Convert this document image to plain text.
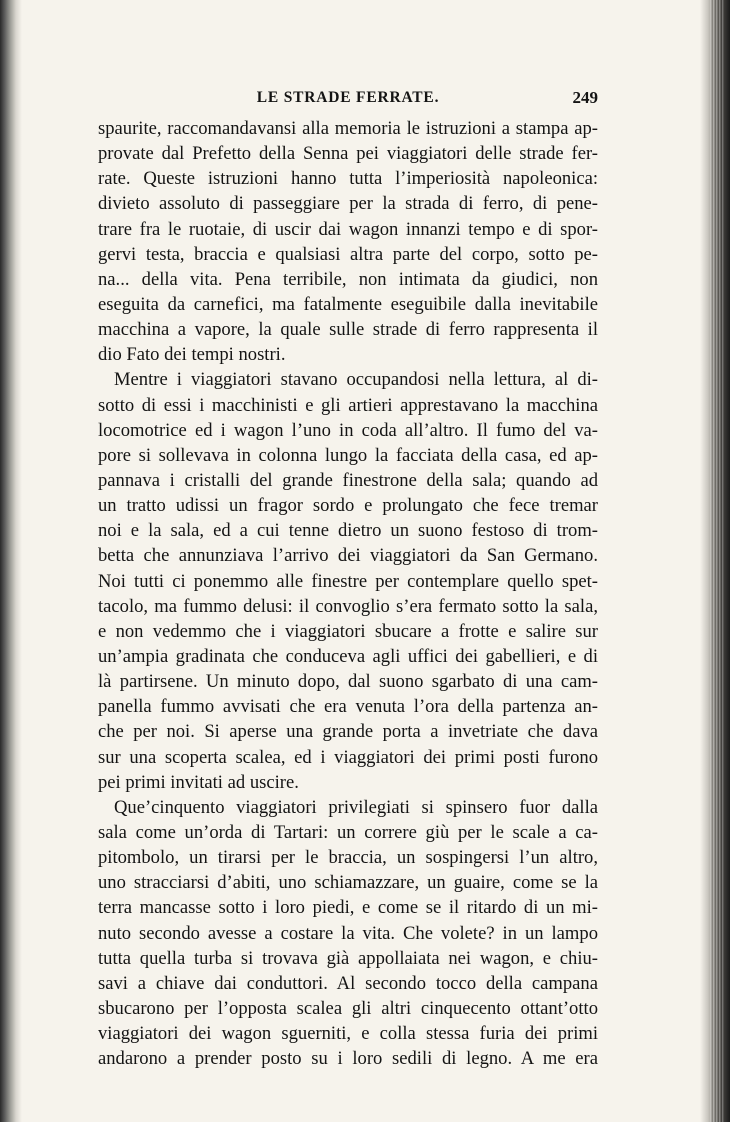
LE STRADE FERRATE.	249
spaurite, raccomandavansi alla memoria le istruzioni a stampa ap-
provate dal Prefetto della Senna pei viaggiatori delle strade fer-
rate. Queste istruzioni hanno tutta l’imperiosità napoleonica:
divieto assoluto di passeggiare per la strada di ferro, di pene-
trare fra le ruotaie, di uscir dai wagon innanzi tempo e di spor-
gervi testa, braccia e qualsiasi altra parte del corpo, sotto pe-
na... della vita. Pena terribile, non intimata da giudici, non
eseguita da carnefici, ma fatalmente eseguibile dalla inevitabile
macchina a vapore, la quale sulle strade di ferro rappresenta il
dio Fato dei tempi nostri.
Mentre i viaggiatori stavano occupandosi nella lettura, al di-
sotto di essi i macchinisti e gli artieri apprestavano la macchina
locomotrice ed i wagon l’uno in coda all’altro. Il fumo del va-
pore si sollevava in colonna lungo la facciata della casa, ed ap-
pannava i cristalli del grande finestrone della sala; quando ad
un tratto udissi un fragor sordo e prolungato che fece tremar
noi e la sala, ed a cui tenne dietro un suono festoso di trom-
betta che annunziava l’arrivo dei viaggiatori da San Germano.
Noi tutti ci ponemmo alle finestre per contemplare quello spet-
tacolo, ma fummo delusi: il convoglio s’era fermato sotto la sala,
e non vedemmo che i viaggiatori sbucare a frotte e salire sur
un’ampia gradinata che conduceva agli uffici dei gabellieri, e di
là partirsene. Un minuto dopo, dal suono sgarbato di una cam-
panella fummo avvisati che era venuta l’ora della partenza an-
che per noi. Si aperse una grande porta a invetriate che dava
sur una scoperta scalea, ed i viaggiatori dei primi posti furono
pei primi invitati ad uscire.
Que’cinquento viaggiatori privilegiati si spinsero fuor dalla
sala come un’orda di Tartari: un correre giù per le scale a ca-
pitombolo, un tirarsi per le braccia, un sospingersi l’un altro,
uno stracciarsi d’abiti, uno schiamazzare, un guaire, come se la
terra mancasse sotto i loro piedi, e come se il ritardo di un mi-
nuto secondo avesse a costare la vita. Che volete? in un lampo
tutta quella turba si trovava già appollaiata nei wagon, e chiu-
savi a chiave dai conduttori. Al secondo tocco della campana
sbucarono per l’opposta scalea gli altri cinquecento ottant’otto
viaggiatori dei wagon sguerniti, e colla stessa furia dei primi
andarono a prender posto su i loro sedili di legno. A me era
